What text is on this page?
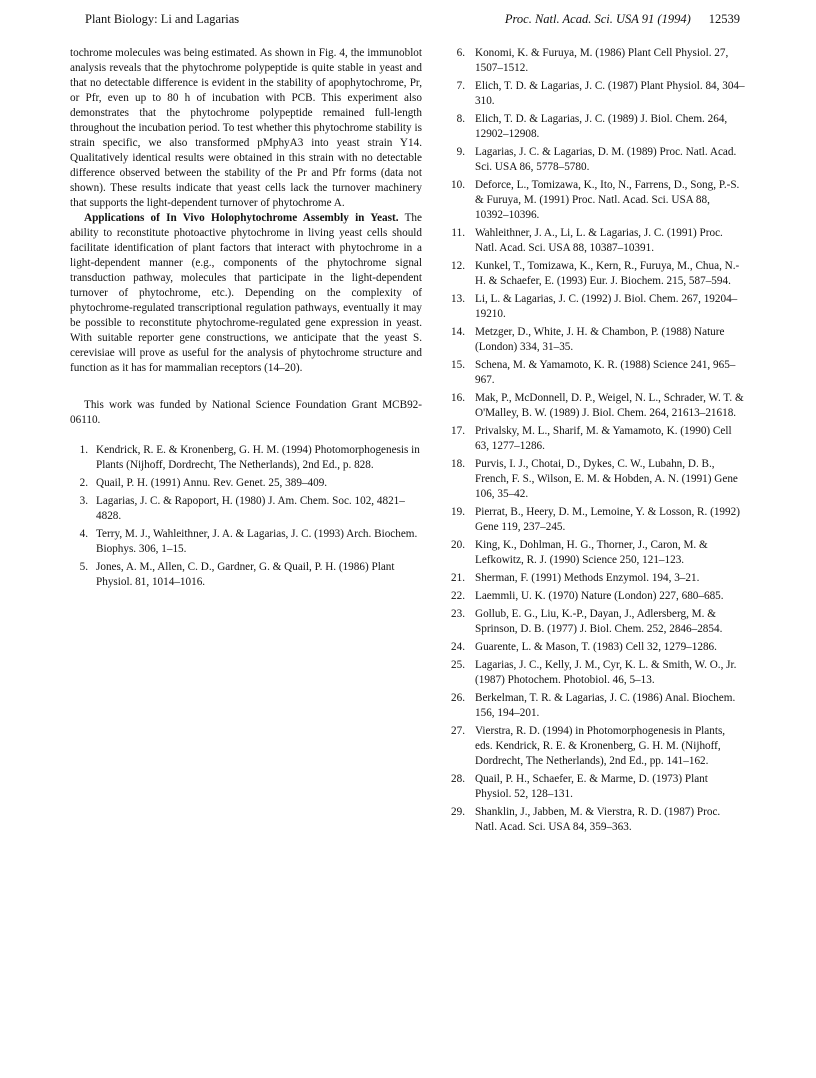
Plant Biology: Li and Lagarias	Proc. Natl. Acad. Sci. USA 91 (1994) 12539

tochrome molecules was being estimated. As shown in Fig. 4, the immunoblot analysis reveals that the phytochrome polypeptide is quite stable in yeast and that no detectable difference is evident in the stability of apophytochrome, Pr, or Pfr, even up to 80 h of incubation with PCB. This experiment also demonstrates that the phytochrome polypeptide remained full-length throughout the incubation period. To test whether this phytochrome stability is strain specific, we also transformed pMphyA3 into yeast strain Y14. Qualitatively identical results were obtained in this strain with no detectable difference observed between the stability of the Pr and Pfr forms (data not shown). These results indicate that yeast cells lack the turnover machinery that supports the light-dependent turnover of phytochrome A.

Applications of In Vivo Holophytochrome Assembly in Yeast. The ability to reconstitute photoactive phytochrome in living yeast cells should facilitate identification of plant factors that interact with phytochrome in a light-dependent manner (e.g., components of the phytochrome signal transduction pathway, molecules that participate in the light-dependent turnover of phytochrome, etc.). Depending on the complexity of phytochrome-regulated transcriptional regulation pathways, eventually it may be possible to reconstitute phytochrome-regulated gene expression in yeast. With suitable reporter gene constructions, we anticipate that the yeast S. cerevisiae will prove as useful for the analysis of phytochrome structure and function as it has for mammalian receptors (14–20).

This work was funded by National Science Foundation Grant MCB92-06110.

1. Kendrick, R. E. & Kronenberg, G. H. M. (1994) Photomorphogenesis in Plants (Nijhoff, Dordrecht, The Netherlands), 2nd Ed., p. 828.

2. Quail, P. H. (1991) Annu. Rev. Genet. 25, 389–409.

3. Lagarias, J. C. & Rapoport, H. (1980) J. Am. Chem. Soc. 102, 4821–4828.

4. Terry, M. J., Wahleithner, J. A. & Lagarias, J. C. (1993) Arch. Biochem. Biophys. 306, 1–15.

5. Jones, A. M., Allen, C. D., Gardner, G. & Quail, P. H. (1986) Plant Physiol. 81, 1014–1016.

6. Konomi, K. & Furuya, M. (1986) Plant Cell Physiol. 27, 1507–1512.

7. Elich, T. D. & Lagarias, J. C. (1987) Plant Physiol. 84, 304–310.

8. Elich, T. D. & Lagarias, J. C. (1989) J. Biol. Chem. 264, 12902–12908.

9. Lagarias, J. C. & Lagarias, D. M. (1989) Proc. Natl. Acad. Sci. USA 86, 5778–5780.

10. Deforce, L., Tomizawa, K., Ito, N., Farrens, D., Song, P.-S. & Furuya, M. (1991) Proc. Natl. Acad. Sci. USA 88, 10392–10396.

11. Wahleithner, J. A., Li, L. & Lagarias, J. C. (1991) Proc. Natl. Acad. Sci. USA 88, 10387–10391.

12. Kunkel, T., Tomizawa, K., Kern, R., Furuya, M., Chua, N.-H. & Schaefer, E. (1993) Eur. J. Biochem. 215, 587–594.

13. Li, L. & Lagarias, J. C. (1992) J. Biol. Chem. 267, 19204–19210.

14. Metzger, D., White, J. H. & Chambon, P. (1988) Nature (London) 334, 31–35.

15. Schena, M. & Yamamoto, K. R. (1988) Science 241, 965–967.

16. Mak, P., McDonnell, D. P., Weigel, N. L., Schrader, W. T. & O'Malley, B. W. (1989) J. Biol. Chem. 264, 21613–21618.

17. Privalsky, M. L., Sharif, M. & Yamamoto, K. (1990) Cell 63, 1277–1286.

18. Purvis, I. J., Chotai, D., Dykes, C. W., Lubahn, D. B., French, F. S., Wilson, E. M. & Hobden, A. N. (1991) Gene 106, 35–42.

19. Pierrat, B., Heery, D. M., Lemoine, Y. & Losson, R. (1992) Gene 119, 237–245.

20. King, K., Dohlman, H. G., Thorner, J., Caron, M. & Lefkowitz, R. J. (1990) Science 250, 121–123.

21. Sherman, F. (1991) Methods Enzymol. 194, 3–21.

22. Laemmli, U. K. (1970) Nature (London) 227, 680–685.

23. Gollub, E. G., Liu, K.-P., Dayan, J., Adlersberg, M. & Sprinson, D. B. (1977) J. Biol. Chem. 252, 2846–2854.

24. Guarente, L. & Mason, T. (1983) Cell 32, 1279–1286.

25. Lagarias, J. C., Kelly, J. M., Cyr, K. L. & Smith, W. O., Jr. (1987) Photochem. Photobiol. 46, 5–13.

26. Berkelman, T. R. & Lagarias, J. C. (1986) Anal. Biochem. 156, 194–201.

27. Vierstra, R. D. (1994) in Photomorphogenesis in Plants, eds. Kendrick, R. E. & Kronenberg, G. H. M. (Nijhoff, Dordrecht, The Netherlands), 2nd Ed., pp. 141–162.

28. Quail, P. H., Schaefer, E. & Marme, D. (1973) Plant Physiol. 52, 128–131.

29. Shanklin, J., Jabben, M. & Vierstra, R. D. (1987) Proc. Natl. Acad. Sci. USA 84, 359–363.
